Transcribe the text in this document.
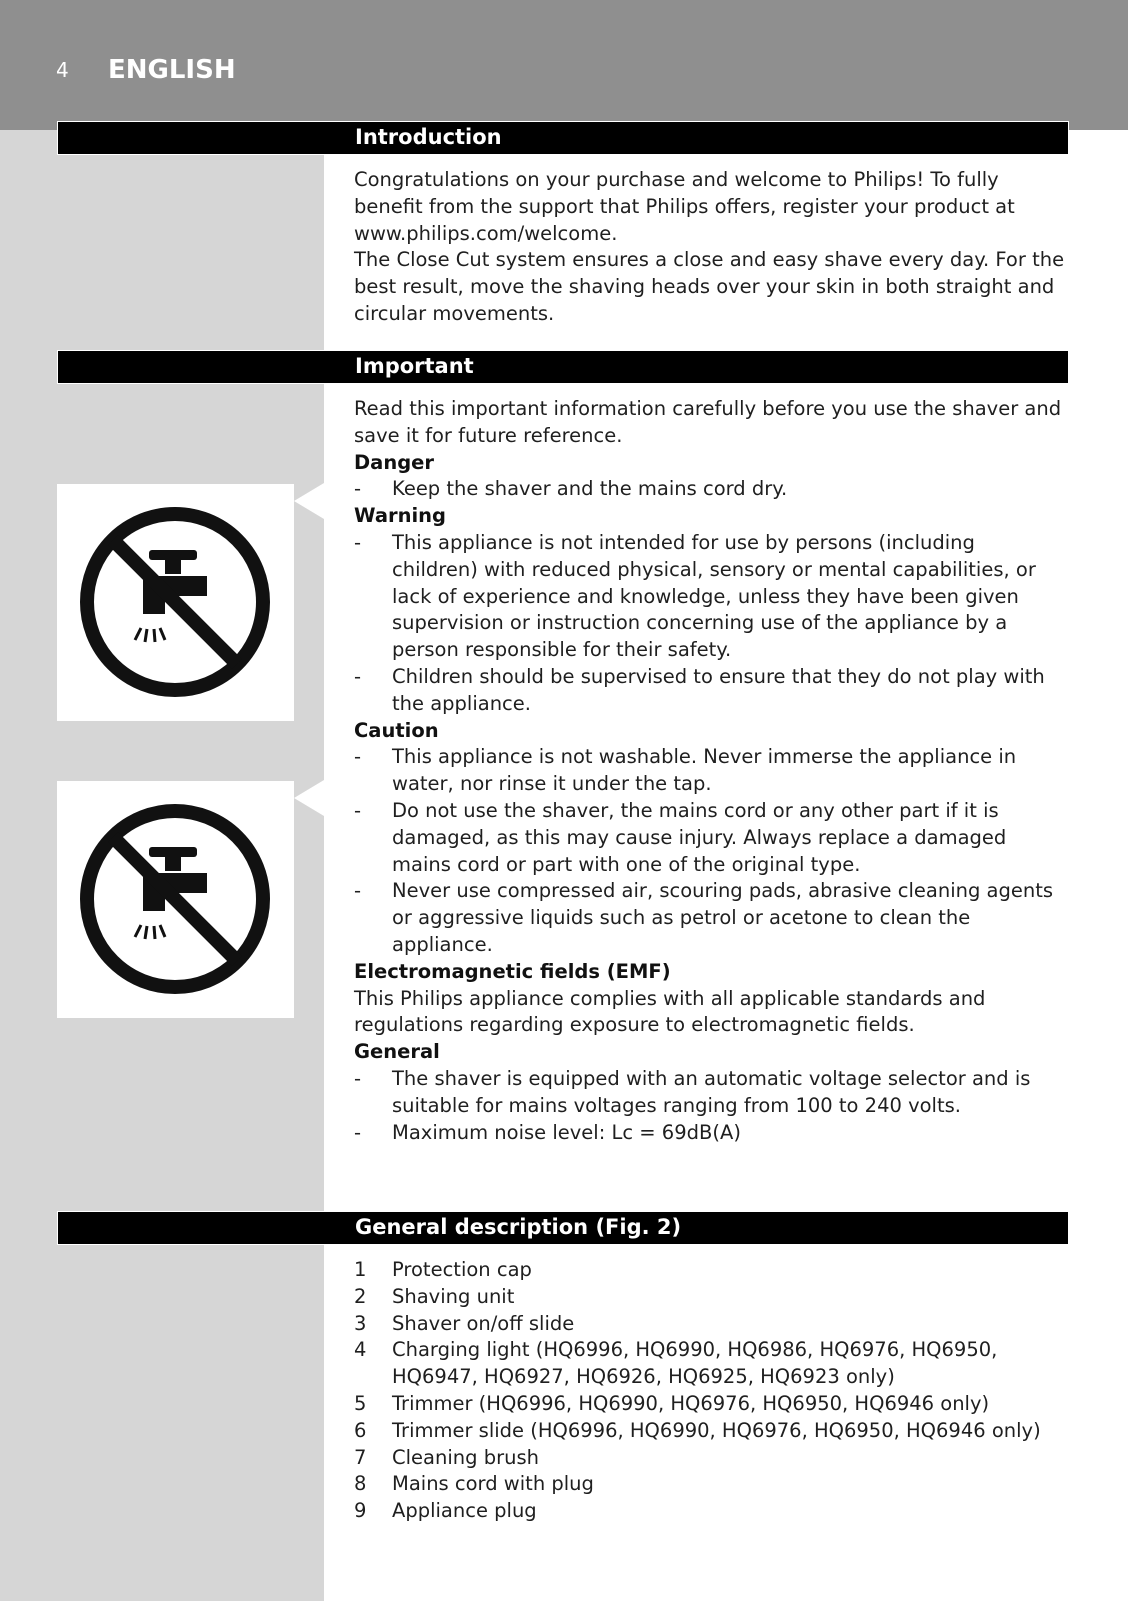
4 ENGLISH
Introduction

Congratulations on your purchase and welcome to Philips! To fully benefit from the support that Philips offers, register your product at www.philips.com/welcome.

The Close Cut system ensures a close and easy shave every day. For the best result, move the shaving heads over your skin in both straight and circular movements.

Important

Read this important information carefully before you use the shaver and save it for future reference.

Danger

- Keep the shaver and the mains cord dry.

Warning

- This appliance is not intended for use by persons (including children) with reduced physical, sensory or mental capabilities, or lack of experience and knowledge, unless they have been given supervision or instruction concerning use of the appliance by a person responsible for their safety.
- Children should be supervised to ensure that they do not play with the appliance.

Caution

- This appliance is not washable. Never immerse the appliance in water, nor rinse it under the tap.
- Do not use the shaver, the mains cord or any other part if it is damaged, as this may cause injury. Always replace a damaged mains cord or part with one of the original type.
- Never use compressed air, scouring pads, abrasive cleaning agents or aggressive liquids such as petrol or acetone to clean the appliance.

Electromagnetic fields (EMF)

This Philips appliance complies with all applicable standards and regulations regarding exposure to electromagnetic fields.

General

- The shaver is equipped with an automatic voltage selector and is suitable for mains voltages ranging from 100 to 240 volts.
- Maximum noise level: Lc = 69dB(A)
General description (Fig. 2)
1 Protection cap
2 Shaving unit
3 Shaver on/off slide
4 Charging light (HQ6996, HQ6990, HQ6986, HQ6976, HQ6950, HQ6947, HQ6927, HQ6926, HQ6925, HQ6923 only)
5 Trimmer (HQ6996, HQ6990, HQ6976, HQ6950, HQ6946 only)
6 Trimmer slide (HQ6996, HQ6990, HQ6976, HQ6950, HQ6946 only)
7 Cleaning brush
8 Mains cord with plug
9 Appliance plug
